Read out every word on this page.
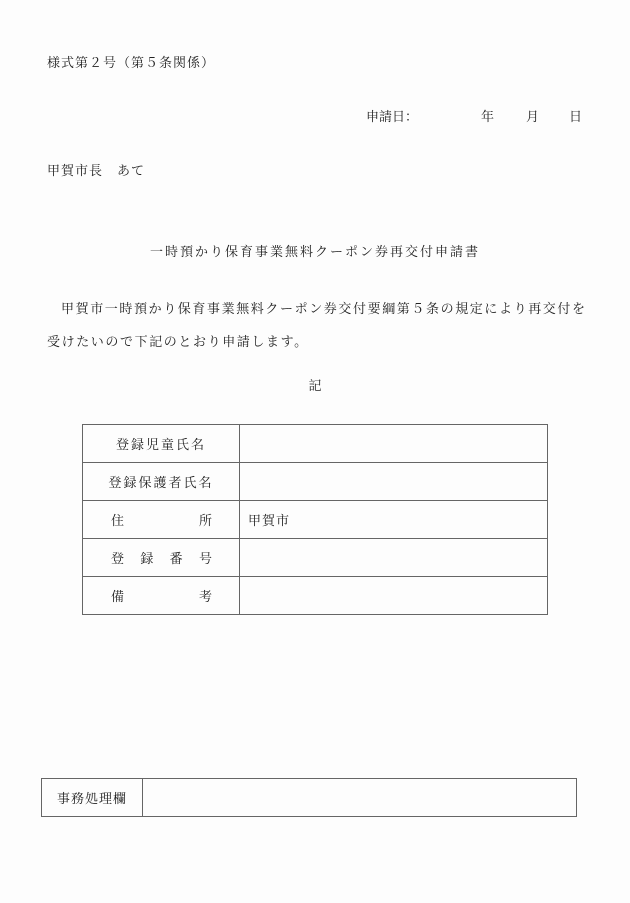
様式第２号（第５条関係）
申請日：	年 月 日
甲賀市長　あて
一時預かり保育事業無料クーポン券再交付申請書
甲賀市一時預かり保育事業無料クーポン券交付要綱第５条の規定により再交付を受けたいので下記のとおり申請します。
記
登録児童氏名	

登録保護者氏名	

住 所	甲賀市

登 録 番 号	

備 考	

事務処理欄	
